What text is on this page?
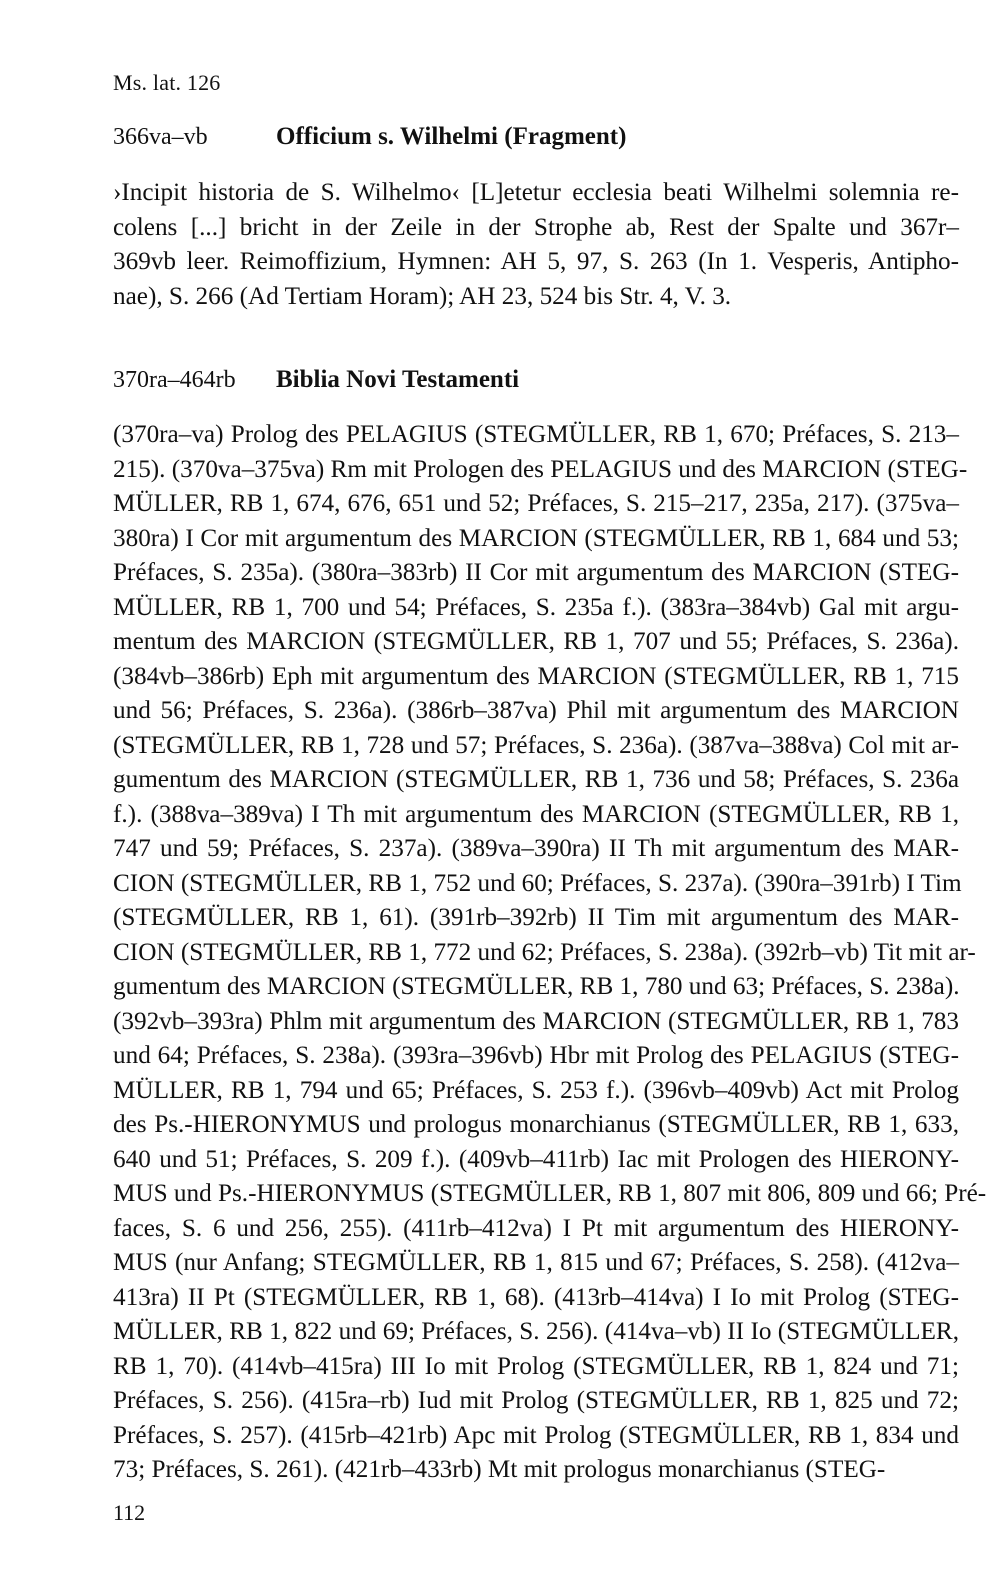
Ms. lat. 126
366va–vb	Officium s. Wilhelmi (Fragment)
›Incipit historia de S. Wilhelmo‹ [L]etetur ecclesia beati Wilhelmi solemnia re-
colens [...] bricht in der Zeile in der Strophe ab, Rest der Spalte und 367r–
369vb leer. Reimoffizium, Hymnen: AH 5, 97, S. 263 (In 1. Vesperis, Antipho-
nae), S. 266 (Ad Tertiam Horam); AH 23, 524 bis Str. 4, V. 3.
370ra–464rb Biblia Novi Testamenti
(370ra–va) Prolog des PELAGIUS (STEGMÜLLER, RB 1, 670; Préfaces, S. 213–
215). (370va–375va) Rm mit Prologen des PELAGIUS und des MARCION (STEG-
MÜLLER, RB 1, 674, 676, 651 und 52; Préfaces, S. 215–217, 235a, 217). (375va–
380ra) I Cor mit argumentum des MARCION (STEGMÜLLER, RB 1, 684 und 53;
Préfaces, S. 235a). (380ra–383rb) II Cor mit argumentum des MARCION (STEG-
MÜLLER, RB 1, 700 und 54; Préfaces, S. 235a f.). (383ra–384vb) Gal mit argu-
mentum des MARCION (STEGMÜLLER, RB 1, 707 und 55; Préfaces, S. 236a).
(384vb–386rb) Eph mit argumentum des MARCION (STEGMÜLLER, RB 1, 715
und 56; Préfaces, S. 236a). (386rb–387va) Phil mit argumentum des MARCION
(STEGMÜLLER, RB 1, 728 und 57; Préfaces, S. 236a). (387va–388va) Col mit ar-
gumentum des MARCION (STEGMÜLLER, RB 1, 736 und 58; Préfaces, S. 236a
f.). (388va–389va) I Th mit argumentum des MARCION (STEGMÜLLER, RB 1,
747 und 59; Préfaces, S. 237a). (389va–390ra) II Th mit argumentum des MAR-
CION (STEGMÜLLER, RB 1, 752 und 60; Préfaces, S. 237a). (390ra–391rb) I Tim
(STEGMÜLLER, RB 1, 61). (391rb–392rb) II Tim mit argumentum des MAR-
CION (STEGMÜLLER, RB 1, 772 und 62; Préfaces, S. 238a). (392rb–vb) Tit mit ar-
gumentum des MARCION (STEGMÜLLER, RB 1, 780 und 63; Préfaces, S. 238a).
(392vb–393ra) Phlm mit argumentum des MARCION (STEGMÜLLER, RB 1, 783
und 64; Préfaces, S. 238a). (393ra–396vb) Hbr mit Prolog des PELAGIUS (STEG-
MÜLLER, RB 1, 794 und 65; Préfaces, S. 253 f.). (396vb–409vb) Act mit Prolog
des Ps.-HIERONYMUS und prologus monarchianus (STEGMÜLLER, RB 1, 633,
640 und 51; Préfaces, S. 209 f.). (409vb–411rb) Iac mit Prologen des HIERONY-
MUS und Ps.-HIERONYMUS (STEGMÜLLER, RB 1, 807 mit 806, 809 und 66; Pré-
faces, S. 6 und 256, 255). (411rb–412va) I Pt mit argumentum des HIERONY-
MUS (nur Anfang; STEGMÜLLER, RB 1, 815 und 67; Préfaces, S. 258). (412va–
413ra) II Pt (STEGMÜLLER, RB 1, 68). (413rb–414va) I Io mit Prolog (STEG-
MÜLLER, RB 1, 822 und 69; Préfaces, S. 256). (414va–vb) II Io (STEGMÜLLER,
RB 1, 70). (414vb–415ra) III Io mit Prolog (STEGMÜLLER, RB 1, 824 und 71;
Préfaces, S. 256). (415ra–rb) Iud mit Prolog (STEGMÜLLER, RB 1, 825 und 72;
Préfaces, S. 257). (415rb–421rb) Apc mit Prolog (STEGMÜLLER, RB 1, 834 und
73; Préfaces, S. 261). (421rb–433rb) Mt mit prologus monarchianus (STEG-
112
